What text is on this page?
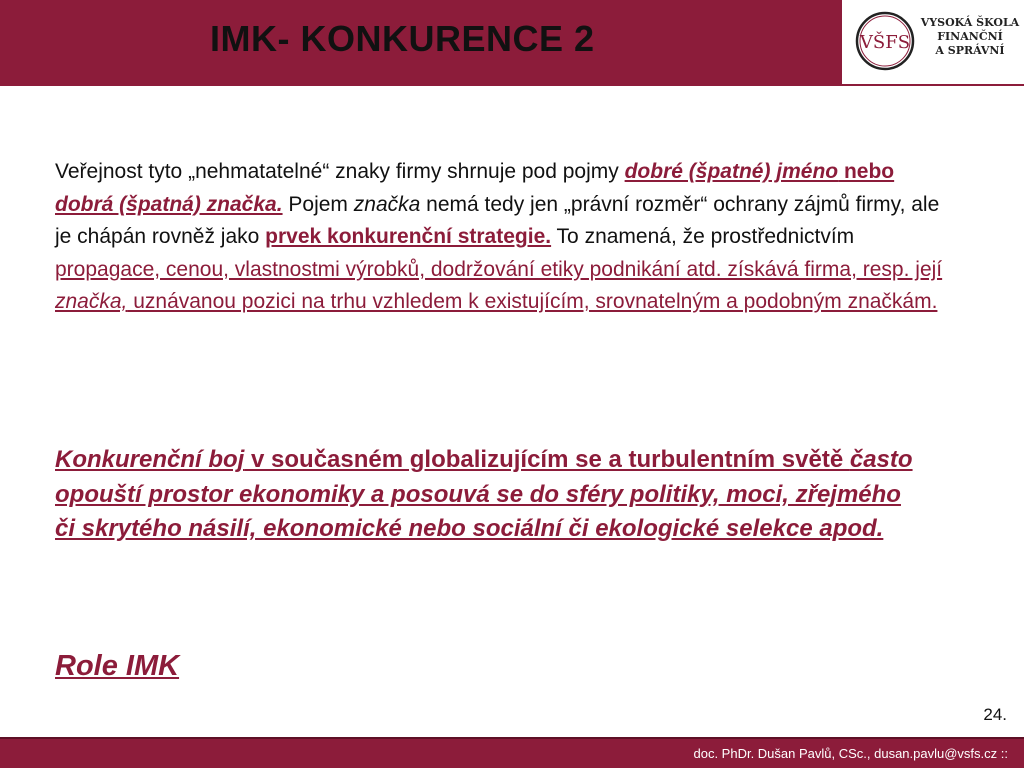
IMK- KONKURENCE 2	VŠFS
VYSOKÁ ŠKOLA
FINANČNÍ
A SPRÁVNÍ
Veřejnost tyto „nehmatatelné“ znaky firmy shrnuje pod pojmy dobré (špatné) jméno nebo dobrá (špatná) značka. Pojem značka nemá tedy jen „právní rozměr“ ochrany zájmů firmy, ale je chápán rovněž jako prvek konkurenční strategie. To znamená, že prostřednictvím propagace, cenou, vlastnostmi výrobků, dodržování etiky podnikání atd. získává firma, resp. její značka, uznávanou pozici na trhu vzhledem k existujícím, srovnatelným a podobným značkám.
Konkurenční boj v současném globalizujícím se a turbulentním světě často opouští prostor ekonomiky a posouvá se do sféry politiky, moci, zřejmého či skrytého násilí, ekonomické nebo sociální či ekologické selekce apod.
Role IMK
24.
doc. PhDr. Dušan Pavlů, CSc., dusan.pavlu@vsfs.cz ::
